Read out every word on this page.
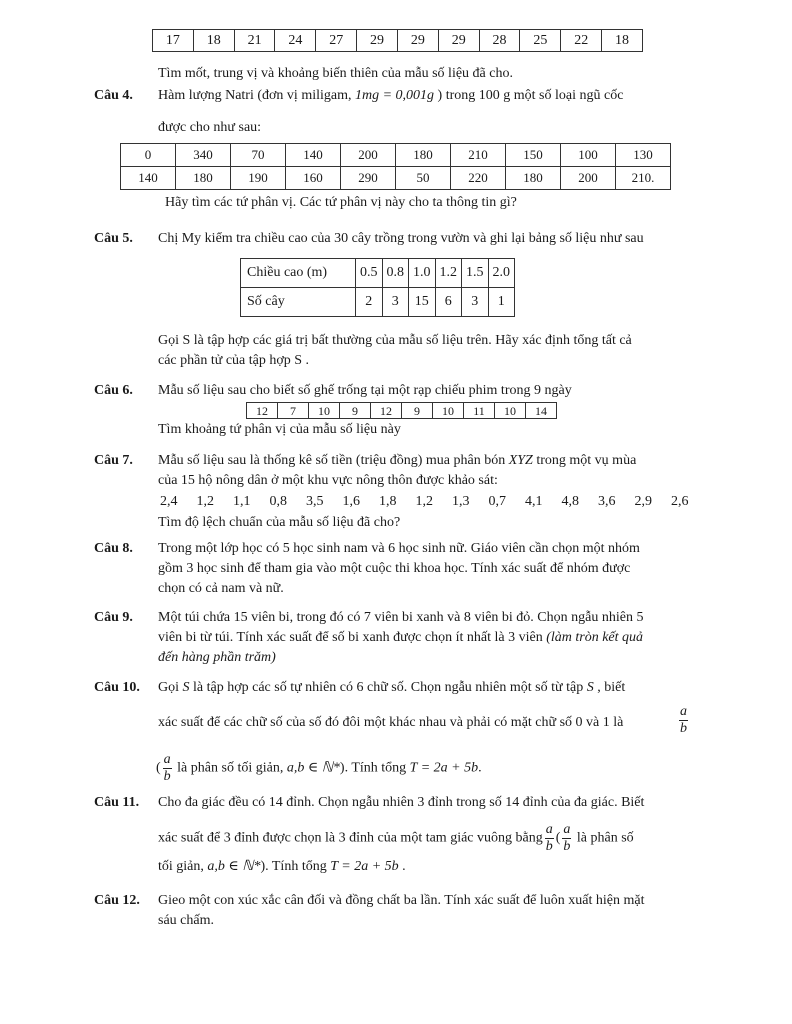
17	18	21	24	27	29	29	29	28	25	22	18
Tìm mốt, trung vị và khoảng biến thiên của mẫu số liệu đã cho.
Câu 4. Hàm lượng Natri (đơn vị miligam, 1mg = 0,001g ) trong 100 g một số loại ngũ cốc
được cho như sau:
0	340	70	140	200	180	210	150	100	130
140	180	190	160	290	50	220	180	200	210.
Hãy tìm các tứ phân vị. Các tứ phân vị này cho ta thông tin gì?
Câu 5. Chị My kiểm tra chiều cao của 30 cây trồng trong vườn và ghi lại bảng số liệu như sau
Chiều cao (m)	0.5	0.8	1.0	1.2	1.5	2.0
Số cây	2	3	15	6	3	1
Gọi S là tập hợp các giá trị bất thường của mẫu số liệu trên. Hãy xác định tổng tất cả
các phần tử của tập hợp S .
Câu 6. Mẫu số liệu sau cho biết số ghế trống tại một rạp chiếu phim trong 9 ngày
12	7	10	9	12	9	10	11	10	14
Tìm khoảng tứ phân vị của mẫu số liệu này
Câu 7. Mẫu số liệu sau là thống kê số tiền (triệu đồng) mua phân bón XYZ trong một vụ mùa
của 15 hộ nông dân ở một khu vực nông thôn được khảo sát:
2,4  1,2  1,1  0,8  3,5  1,6  1,8  1,2  1,3  0,7  4,1  4,8  3,6  2,9  2,6
Tìm độ lệch chuẩn của mẫu số liệu đã cho?
Câu 8. Trong một lớp học có 5 học sinh nam và 6 học sinh nữ. Giáo viên cần chọn một nhóm
gồm 3 học sinh để tham gia vào một cuộc thi khoa học. Tính xác suất để nhóm được
chọn có cả nam và nữ.
Câu 9. Một túi chứa 15 viên bi, trong đó có 7 viên bi xanh và 8 viên bi đỏ. Chọn ngẫu nhiên 5
viên bi từ túi. Tính xác suất để số bi xanh được chọn ít nhất là 3 viên (làm tròn kết quả
đến hàng phần trăm)
Câu 10. Gọi S là tập hợp các số tự nhiên có 6 chữ số. Chọn ngẫu nhiên một số từ tập S , biết
xác suất để các chữ số của số đó đôi một khác nhau và phải có mặt chữ số 0 và 1 là	$\frac{a}{b}$
( $\frac{a}{b}$ là phân số tối giản, a,b ∈ ℕ*). Tính tổng T = 2a + 5b.
Câu 11. Cho đa giác đều có 14 đỉnh. Chọn ngẫu nhiên 3 đỉnh trong số 14 đỉnh của đa giác. Biết
xác suất để 3 đỉnh được chọn là 3 đỉnh của một tam giác vuông bằng $\frac{a}{b}$ ( $\frac{a}{b}$ là phân số
tối giản, a,b ∈ ℕ*). Tính tổng T = 2a + 5b .
Câu 12. Gieo một con xúc xắc cân đối và đồng chất ba lần. Tính xác suất để luôn xuất hiện mặt
sáu chấm.
